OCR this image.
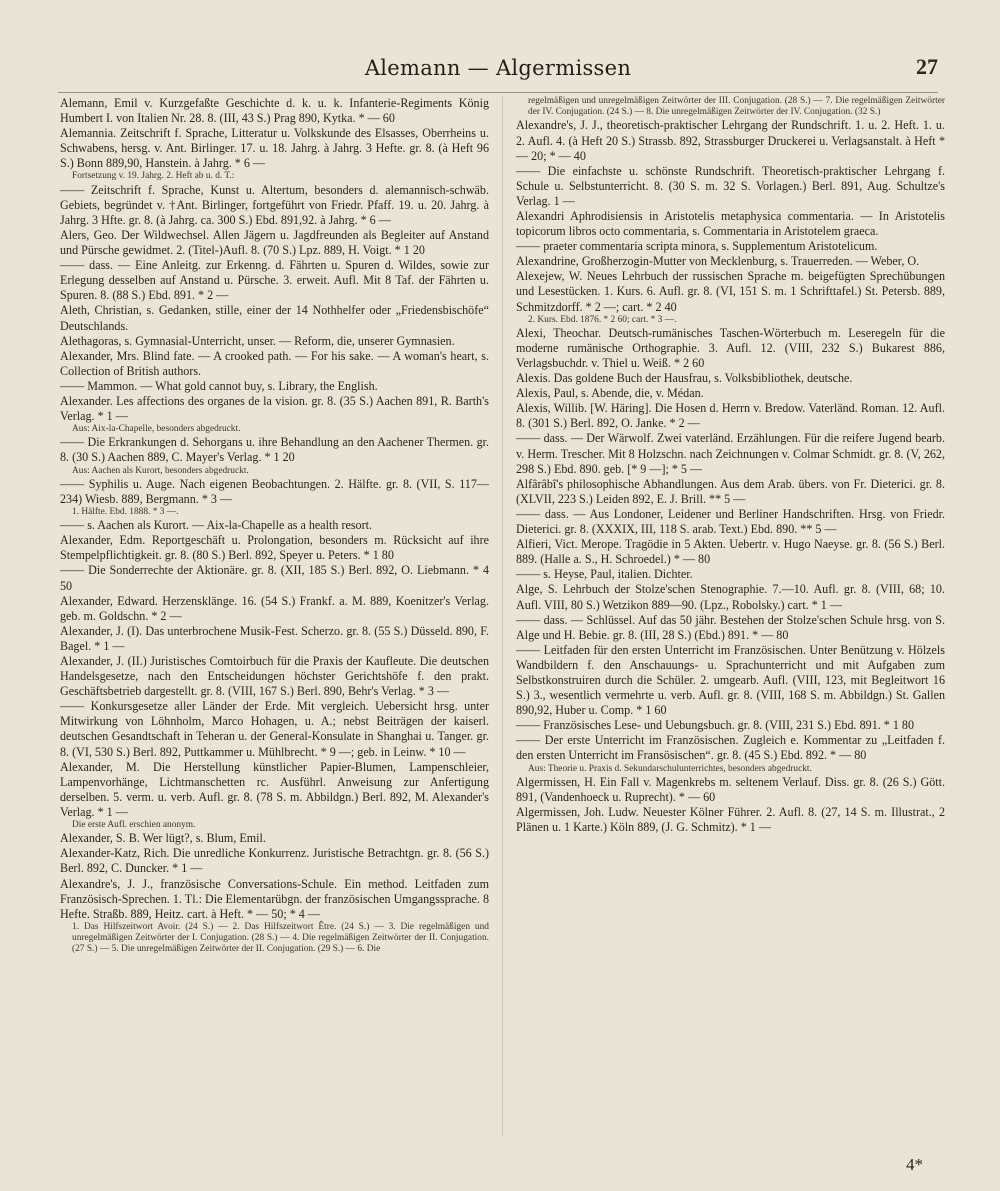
Alemann — Algermissen	27

Alemann, Emil v. Kurzgefaßte Geschichte d. k. u. k. Infanterie-Regiments König Humbert I. von Italien Nr. 28. 8. (III, 43 S.) Prag 890, Kytka. * — 60

Alemannia. Zeitschrift f. Sprache, Litteratur u. Volkskunde des Elsasses, Oberrheins u. Schwabens, hersg. v. Ant. Birlinger. 17. u. 18. Jahrg. à Jahrg. 3 Hefte. gr. 8. (à Heft 96 S.) Bonn 889,90, Hanstein. à Jahrg. * 6 —

Fortsetzung v. 19. Jahrg. 2. Heft ab u. d. T.:

—— Zeitschrift f. Sprache, Kunst u. Altertum, besonders d. alemannisch-schwäb. Gebiets, begründet v. †Ant. Birlinger, fortgeführt von Friedr. Pfaff. 19. u. 20. Jahrg. à Jahrg. 3 Hfte. gr. 8. (à Jahrg. ca. 300 S.) Ebd. 891,92. à Jahrg. * 6 —

Alers, Geo. Der Wildwechsel. Allen Jägern u. Jagdfreunden als Begleiter auf Anstand und Pürsche gewidmet. 2. (Titel-)Aufl. 8. (70 S.) Lpz. 889, H. Voigt. * 1 20

—— dass. — Eine Anleitg. zur Erkenng. d. Fährten u. Spuren d. Wildes, sowie zur Erlegung desselben auf Anstand u. Pürsche. 3. erweit. Aufl. Mit 8 Taf. der Fährten u. Spuren. 8. (88 S.) Ebd. 891. * 2 —

Aleth, Christian, s. Gedanken, stille, einer der 14 Nothhelfer oder „Friedensbischöfe“ Deutschlands.

Alethagoras, s. Gymnasial-Unterricht, unser. — Reform, die, unserer Gymnasien.

Alexander, Mrs. Blind fate. — A crooked path. — For his sake. — A woman's heart, s. Collection of British authors.

—— Mammon. — What gold cannot buy, s. Library, the English.

Alexander. Les affections des organes de la vision. gr. 8. (35 S.) Aachen 891, R. Barth's Verlag. * 1 —

Aus: Aix-la-Chapelle, besonders abgedruckt.

—— Die Erkrankungen d. Sehorgans u. ihre Behandlung an den Aachener Thermen. gr. 8. (30 S.) Aachen 889, C. Mayer's Verlag. * 1 20

Aus: Aachen als Kurort, besonders abgedruckt.

—— Syphilis u. Auge. Nach eigenen Beobachtungen. 2. Hälfte. gr. 8. (VII, S. 117—234) Wiesb. 889, Bergmann. * 3 —

1. Hälfte. Ebd. 1888. * 3 —.

—— s. Aachen als Kurort. — Aix-la-Chapelle as a health resort.

Alexander, Edm. Reportgeschäft u. Prolongation, besonders m. Rücksicht auf ihre Stempelpflichtigkeit. gr. 8. (80 S.) Berl. 892, Speyer u. Peters. * 1 80

—— Die Sonderrechte der Aktionäre. gr. 8. (XII, 185 S.) Berl. 892, O. Liebmann. * 4 50

Alexander, Edward. Herzensklänge. 16. (54 S.) Frankf. a. M. 889, Koenitzer's Verlag. geb. m. Goldschn. * 2 —

Alexander, J. (I). Das unterbrochene Musik-Fest. Scherzo. gr. 8. (55 S.) Düsseld. 890, F. Bagel. * 1 —

Alexander, J. (II.) Juristisches Comtoirbuch für die Praxis der Kaufleute. Die deutschen Handelsgesetze, nach den Entscheidungen höchster Gerichtshöfe f. den prakt. Geschäftsbetrieb dargestellt. gr. 8. (VIII, 167 S.) Berl. 890, Behr's Verlag. * 3 —

—— Konkursgesetze aller Länder der Erde. Mit vergleich. Uebersicht hrsg. unter Mitwirkung von Löhnholm, Marco Hohagen, u. A.; nebst Beiträgen der kaiserl. deutschen Gesandtschaft in Teheran u. der General-Konsulate in Shanghai u. Tanger. gr. 8. (VI, 530 S.) Berl. 892, Puttkammer u. Mühlbrecht. * 9 —; geb. in Leinw. * 10 —

Alexander, M. Die Herstellung künstlicher Papier-Blumen, Lampenschleier, Lampenvorhänge, Lichtmanschetten rc. Ausführl. Anweisung zur Anfertigung derselben. 5. verm. u. verb. Aufl. gr. 8. (78 S. m. Abbildgn.) Berl. 892, M. Alexander's Verlag. * 1 —

Die erste Aufl. erschien anonym.

Alexander, S. B. Wer lügt?, s. Blum, Emil.

Alexander-Katz, Rich. Die unredliche Konkurrenz. Juristische Betrachtgn. gr. 8. (56 S.) Berl. 892, C. Duncker. * 1 —

Alexandre's, J. J., französische Conversations-Schule. Ein method. Leitfaden zum Französisch-Sprechen. 1. Tl.: Die Elementarübgn. der französischen Umgangssprache. 8 Hefte. Straßb. 889, Heitz. cart. à Heft. * — 50; * 4 —

1. Das Hilfszeitwort Avoir. (24 S.) — 2. Das Hilfszeitwort Être. (24 S.) — 3. Die regelmäßigen und unregelmäßigen Zeitwörter der I. Conjugation. (28 S.) — 4. Die regelmäßigen Zeitwörter der II. Conjugation. (27 S.) — 5. Die unregelmäßigen Zeitwörter der II. Conjugation. (29 S.) — 6. Die

regelmäßigen und unregelmäßigen Zeitwörter der III. Conjugation. (28 S.) — 7. Die regelmäßigen Zeitwörter der IV. Conjugation. (24 S.) — 8. Die unregelmäßigen Zeitwörter der IV. Conjugation. (32 S.)

Alexandre's, J. J., theoretisch-praktischer Lehrgang der Rundschrift. 1. u. 2. Heft. 1. u. 2. Aufl. 4. (à Heft 20 S.) Strassb. 892, Strassburger Druckerei u. Verlagsanstalt. à Heft * — 20; * — 40

—— Die einfachste u. schönste Rundschrift. Theoretisch-praktischer Lehrgang f. Schule u. Selbstunterricht. 8. (30 S. m. 32 S. Vorlagen.) Berl. 891, Aug. Schultze's Verlag. 1 —

Alexandri Aphrodisiensis in Aristotelis metaphysica commentaria. — In Aristotelis topicorum libros octo commentaria, s. Commentaria in Aristotelem graeca.

—— praeter commentaria scripta minora, s. Supplementum Aristotelicum.

Alexandrine, Großherzogin-Mutter von Mecklenburg, s. Trauerreden. — Weber, O.

Alexejew, W. Neues Lehrbuch der russischen Sprache m. beigefügten Sprechübungen und Lesestücken. 1. Kurs. 6. Aufl. gr. 8. (VI, 151 S. m. 1 Schrifttafel.) St. Petersb. 889, Schmitzdorff. * 2 —; cart. * 2 40

2. Kurs. Ebd. 1876. * 2 60; cart. * 3 —.

Alexi, Theochar. Deutsch-rumänisches Taschen-Wörterbuch m. Leseregeln für die moderne rumänische Orthographie. 3. Aufl. 12. (VIII, 232 S.) Bukarest 886, Verlagsbuchdr. v. Thiel u. Weiß. * 2 60

Alexis. Das goldene Buch der Hausfrau, s. Volksbibliothek, deutsche.

Alexis, Paul, s. Abende, die, v. Médan.

Alexis, Willib. [W. Häring]. Die Hosen d. Herrn v. Bredow. Vaterländ. Roman. 12. Aufl. 8. (301 S.) Berl. 892, O. Janke. * 2 —

—— dass. — Der Wärwolf. Zwei vaterländ. Erzählungen. Für die reifere Jugend bearb. v. Herm. Trescher. Mit 8 Holzschn. nach Zeichnungen v. Colmar Schmidt. gr. 8. (V, 262, 298 S.) Ebd. 890. geb. [* 9 —]; * 5 —

Alfârâbî's philosophische Abhandlungen. Aus dem Arab. übers. von Fr. Dieterici. gr. 8. (XLVII, 223 S.) Leiden 892, E. J. Brill. ** 5 —

—— dass. — Aus Londoner, Leidener und Berliner Handschriften. Hrsg. von Friedr. Dieterici. gr. 8. (XXXIX, III, 118 S. arab. Text.) Ebd. 890. ** 5 —

Alfieri, Vict. Merope. Tragödie in 5 Akten. Uebertr. v. Hugo Naeyse. gr. 8. (56 S.) Berl. 889. (Halle a. S., H. Schroedel.) * — 80

—— s. Heyse, Paul, italien. Dichter.

Alge, S. Lehrbuch der Stolze'schen Stenographie. 7.—10. Aufl. gr. 8. (VIII, 68; 10. Aufl. VIII, 80 S.) Wetzikon 889—90. (Lpz., Robolsky.) cart. * 1 —

—— dass. — Schlüssel. Auf das 50 jähr. Bestehen der Stolze'schen Schule hrsg. von S. Alge und H. Bebie. gr. 8. (III, 28 S.) (Ebd.) 891. * — 80

—— Leitfaden für den ersten Unterricht im Französischen. Unter Benützung v. Hölzels Wandbildern f. den Anschauungs- u. Sprachunterricht und mit Aufgaben zum Selbstkonstruiren durch die Schüler. 2. umgearb. Aufl. (VIII, 123, mit Begleitwort 16 S.) 3., wesentlich vermehrte u. verb. Aufl. gr. 8. (VIII, 168 S. m. Abbildgn.) St. Gallen 890,92, Huber u. Comp. * 1 60

—— Französisches Lese- und Uebungsbuch. gr. 8. (VIII, 231 S.) Ebd. 891. * 1 80

—— Der erste Unterricht im Französischen. Zugleich e. Kommentar zu „Leitfaden f. den ersten Unterricht im Fransösischen“. gr. 8. (45 S.) Ebd. 892. * — 80

Aus: Theorie u. Praxis d. Sekundarschulunterrichtes, besonders abgedruckt.

Algermissen, H. Ein Fall v. Magenkrebs m. seltenem Verlauf. Diss. gr. 8. (26 S.) Gött. 891, (Vandenhoeck u. Ruprecht). * — 60

Algermissen, Joh. Ludw. Neuester Kölner Führer. 2. Aufl. 8. (27, 14 S. m. Illustrat., 2 Plänen u. 1 Karte.) Köln 889, (J. G. Schmitz). * 1 —

4*
